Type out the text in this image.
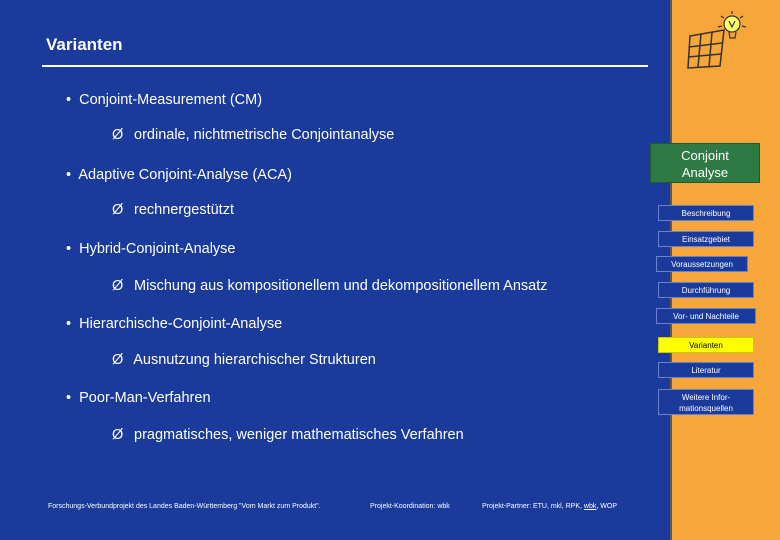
Varianten
• Conjoint-Measurement (CM)
Ø ordinale, nichtmetrische Conjointanalyse
• Adaptive Conjoint-Analyse (ACA)
Ø rechnergestützt
• Hybrid-Conjoint-Analyse
Ø Mischung aus kompositionellem und dekompositionellem Ansatz
• Hierarchische-Conjoint-Analyse
Ø Ausnutzung hierarchischer Strukturen
• Poor-Man-Verfahren
Ø pragmatisches, weniger mathematisches Verfahren
Forschungs-Verbundprojekt des Landes Baden-Württemberg "Vom Markt zum Produkt".	Projekt-Koordination: wbk	Projekt-Partner: ETU, mkl, RPK, wbk, WOP
Conjoint
Analyse
Beschreibung
Einsatzgebiet
Voraussetzungen
Durchführung
Vor- und Nachteile
Varianten
Literatur
Weitere Infor-mationsquellen
